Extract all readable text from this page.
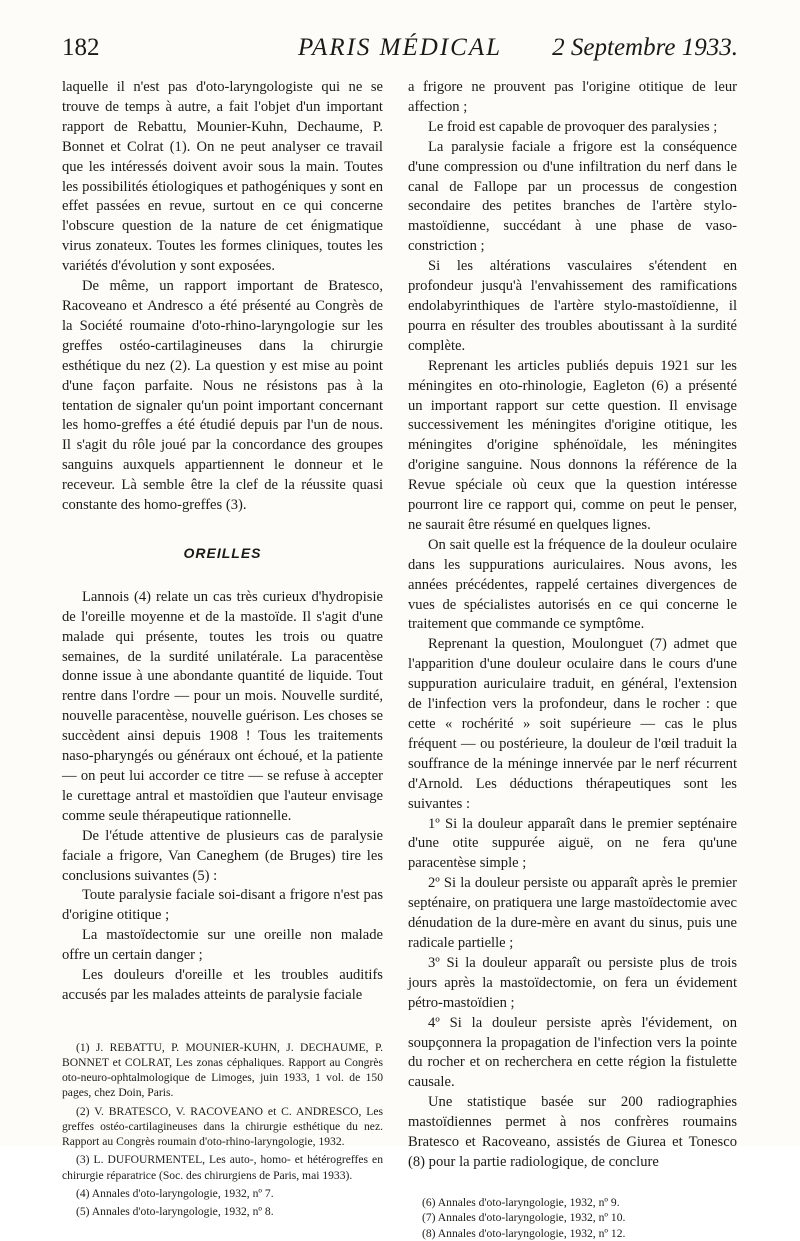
182	PARIS MÉDICAL	2 Septembre 1933.

laquelle il n'est pas d'oto-laryngologiste qui ne se trouve de temps à autre, a fait l'objet d'un important rapport de Rebattu, Mounier-Kuhn, Dechaume, P. Bonnet et Colrat (1). On ne peut analyser ce travail que les intéressés doivent avoir sous la main. Toutes les possibilités étiologiques et pathogéniques y sont en effet passées en revue, surtout en ce qui concerne l'obscure question de la nature de cet énigmatique virus zonateux. Toutes les formes cliniques, toutes les variétés d'évolution y sont exposées.

De même, un rapport important de Bratesco, Racoveano et Andresco a été présenté au Congrès de la Société roumaine d'oto-rhino-laryngologie sur les greffes ostéo-cartilagineuses dans la chirurgie esthétique du nez (2). La question y est mise au point d'une façon parfaite. Nous ne résistons pas à la tentation de signaler qu'un point important concernant les homo-greffes a été étudié depuis par l'un de nous. Il s'agit du rôle joué par la concordance des groupes sanguins auxquels appartiennent le donneur et le receveur. Là semble être la clef de la réussite quasi constante des homo-greffes (3).

OREILLES

Lannois (4) relate un cas très curieux d'hydropisie de l'oreille moyenne et de la mastoïde. Il s'agit d'une malade qui présente, toutes les trois ou quatre semaines, de la surdité unilatérale. La paracentèse donne issue à une abondante quantité de liquide. Tout rentre dans l'ordre — pour un mois. Nouvelle surdité, nouvelle paracentèse, nouvelle guérison. Les choses se succèdent ainsi depuis 1908 ! Tous les traitements naso-pharyngés ou généraux ont échoué, et la patiente — on peut lui accorder ce titre — se refuse à accepter le curettage antral et mastoïdien que l'auteur envisage comme seule thérapeutique rationnelle.

De l'étude attentive de plusieurs cas de paralysie faciale a frigore, Van Caneghem (de Bruges) tire les conclusions suivantes (5) :

Toute paralysie faciale soi-disant a frigore n'est pas d'origine otitique ;

La mastoïdectomie sur une oreille non malade offre un certain danger ;

Les douleurs d'oreille et les troubles auditifs accusés par les malades atteints de paralysie faciale

(1) J. REBATTU, P. MOUNIER-KUHN, J. DECHAUME, P. BONNET et COLRAT, Les zonas céphaliques. Rapport au Congrès oto-neuro-ophtalmologique de Limoges, juin 1933, 1 vol. de 150 pages, chez Doin, Paris.

(2) V. BRATESCO, V. RACOVEANO et C. ANDRESCO, Les greffes ostéo-cartilagineuses dans la chirurgie esthétique du nez. Rapport au Congrès roumain d'oto-rhino-laryngologie, 1932.

(3) L. DUFOURMENTEL, Les auto-, homo- et hétérogreffes en chirurgie réparatrice (Soc. des chirurgiens de Paris, mai 1933).

(4) Annales d'oto-laryngologie, 1932, nº 7.

(5) Annales d'oto-laryngologie, 1932, nº 8.

a frigore ne prouvent pas l'origine otitique de leur affection ;

Le froid est capable de provoquer des paralysies ;

La paralysie faciale a frigore est la conséquence d'une compression ou d'une infiltration du nerf dans le canal de Fallope par un processus de congestion secondaire des petites branches de l'artère stylo-mastoïdienne, succédant à une phase de vaso-constriction ;

Si les altérations vasculaires s'étendent en profondeur jusqu'à l'envahissement des ramifications endolabyrinthiques de l'artère stylo-mastoïdienne, il pourra en résulter des troubles aboutissant à la surdité complète.

Reprenant les articles publiés depuis 1921 sur les méningites en oto-rhinologie, Eagleton (6) a présenté un important rapport sur cette question. Il envisage successivement les méningites d'origine otitique, les méningites d'origine sphénoïdale, les méningites d'origine sanguine. Nous donnons la référence de la Revue spéciale où ceux que la question intéresse pourront lire ce rapport qui, comme on peut le penser, ne saurait être résumé en quelques lignes.

On sait quelle est la fréquence de la douleur oculaire dans les suppurations auriculaires. Nous avons, les années précédentes, rappelé certaines divergences de vues de spécialistes autorisés en ce qui concerne le traitement que commande ce symptôme.

Reprenant la question, Moulonguet (7) admet que l'apparition d'une douleur oculaire dans le cours d'une suppuration auriculaire traduit, en général, l'extension de l'infection vers la profondeur, dans le rocher : que cette « rochérité » soit supérieure — cas le plus fréquent — ou postérieure, la douleur de l'œil traduit la souffrance de la méninge innervée par le nerf récurrent d'Arnold. Les déductions thérapeutiques sont les suivantes :

1º Si la douleur apparaît dans le premier septénaire d'une otite suppurée aiguë, on ne fera qu'une paracentèse simple ;

2º Si la douleur persiste ou apparaît après le premier septénaire, on pratiquera une large mastoïdectomie avec dénudation de la dure-mère en avant du sinus, puis une radicale partielle ;

3º Si la douleur apparaît ou persiste plus de trois jours après la mastoïdectomie, on fera un évidement pétro-mastoïdien ;

4º Si la douleur persiste après l'évidement, on soupçonnera la propagation de l'infection vers la pointe du rocher et on recherchera en cette région la fistulette causale.

Une statistique basée sur 200 radiographies mastoïdiennes permet à nos confrères roumains Bratesco et Racoveano, assistés de Giurea et Tonesco (8) pour la partie radiologique, de conclure

(6) Annales d'oto-laryngologie, 1932, nº 9.

(7) Annales d'oto-laryngologie, 1932, nº 10.

(8) Annales d'oto-laryngologie, 1932, nº 12.
